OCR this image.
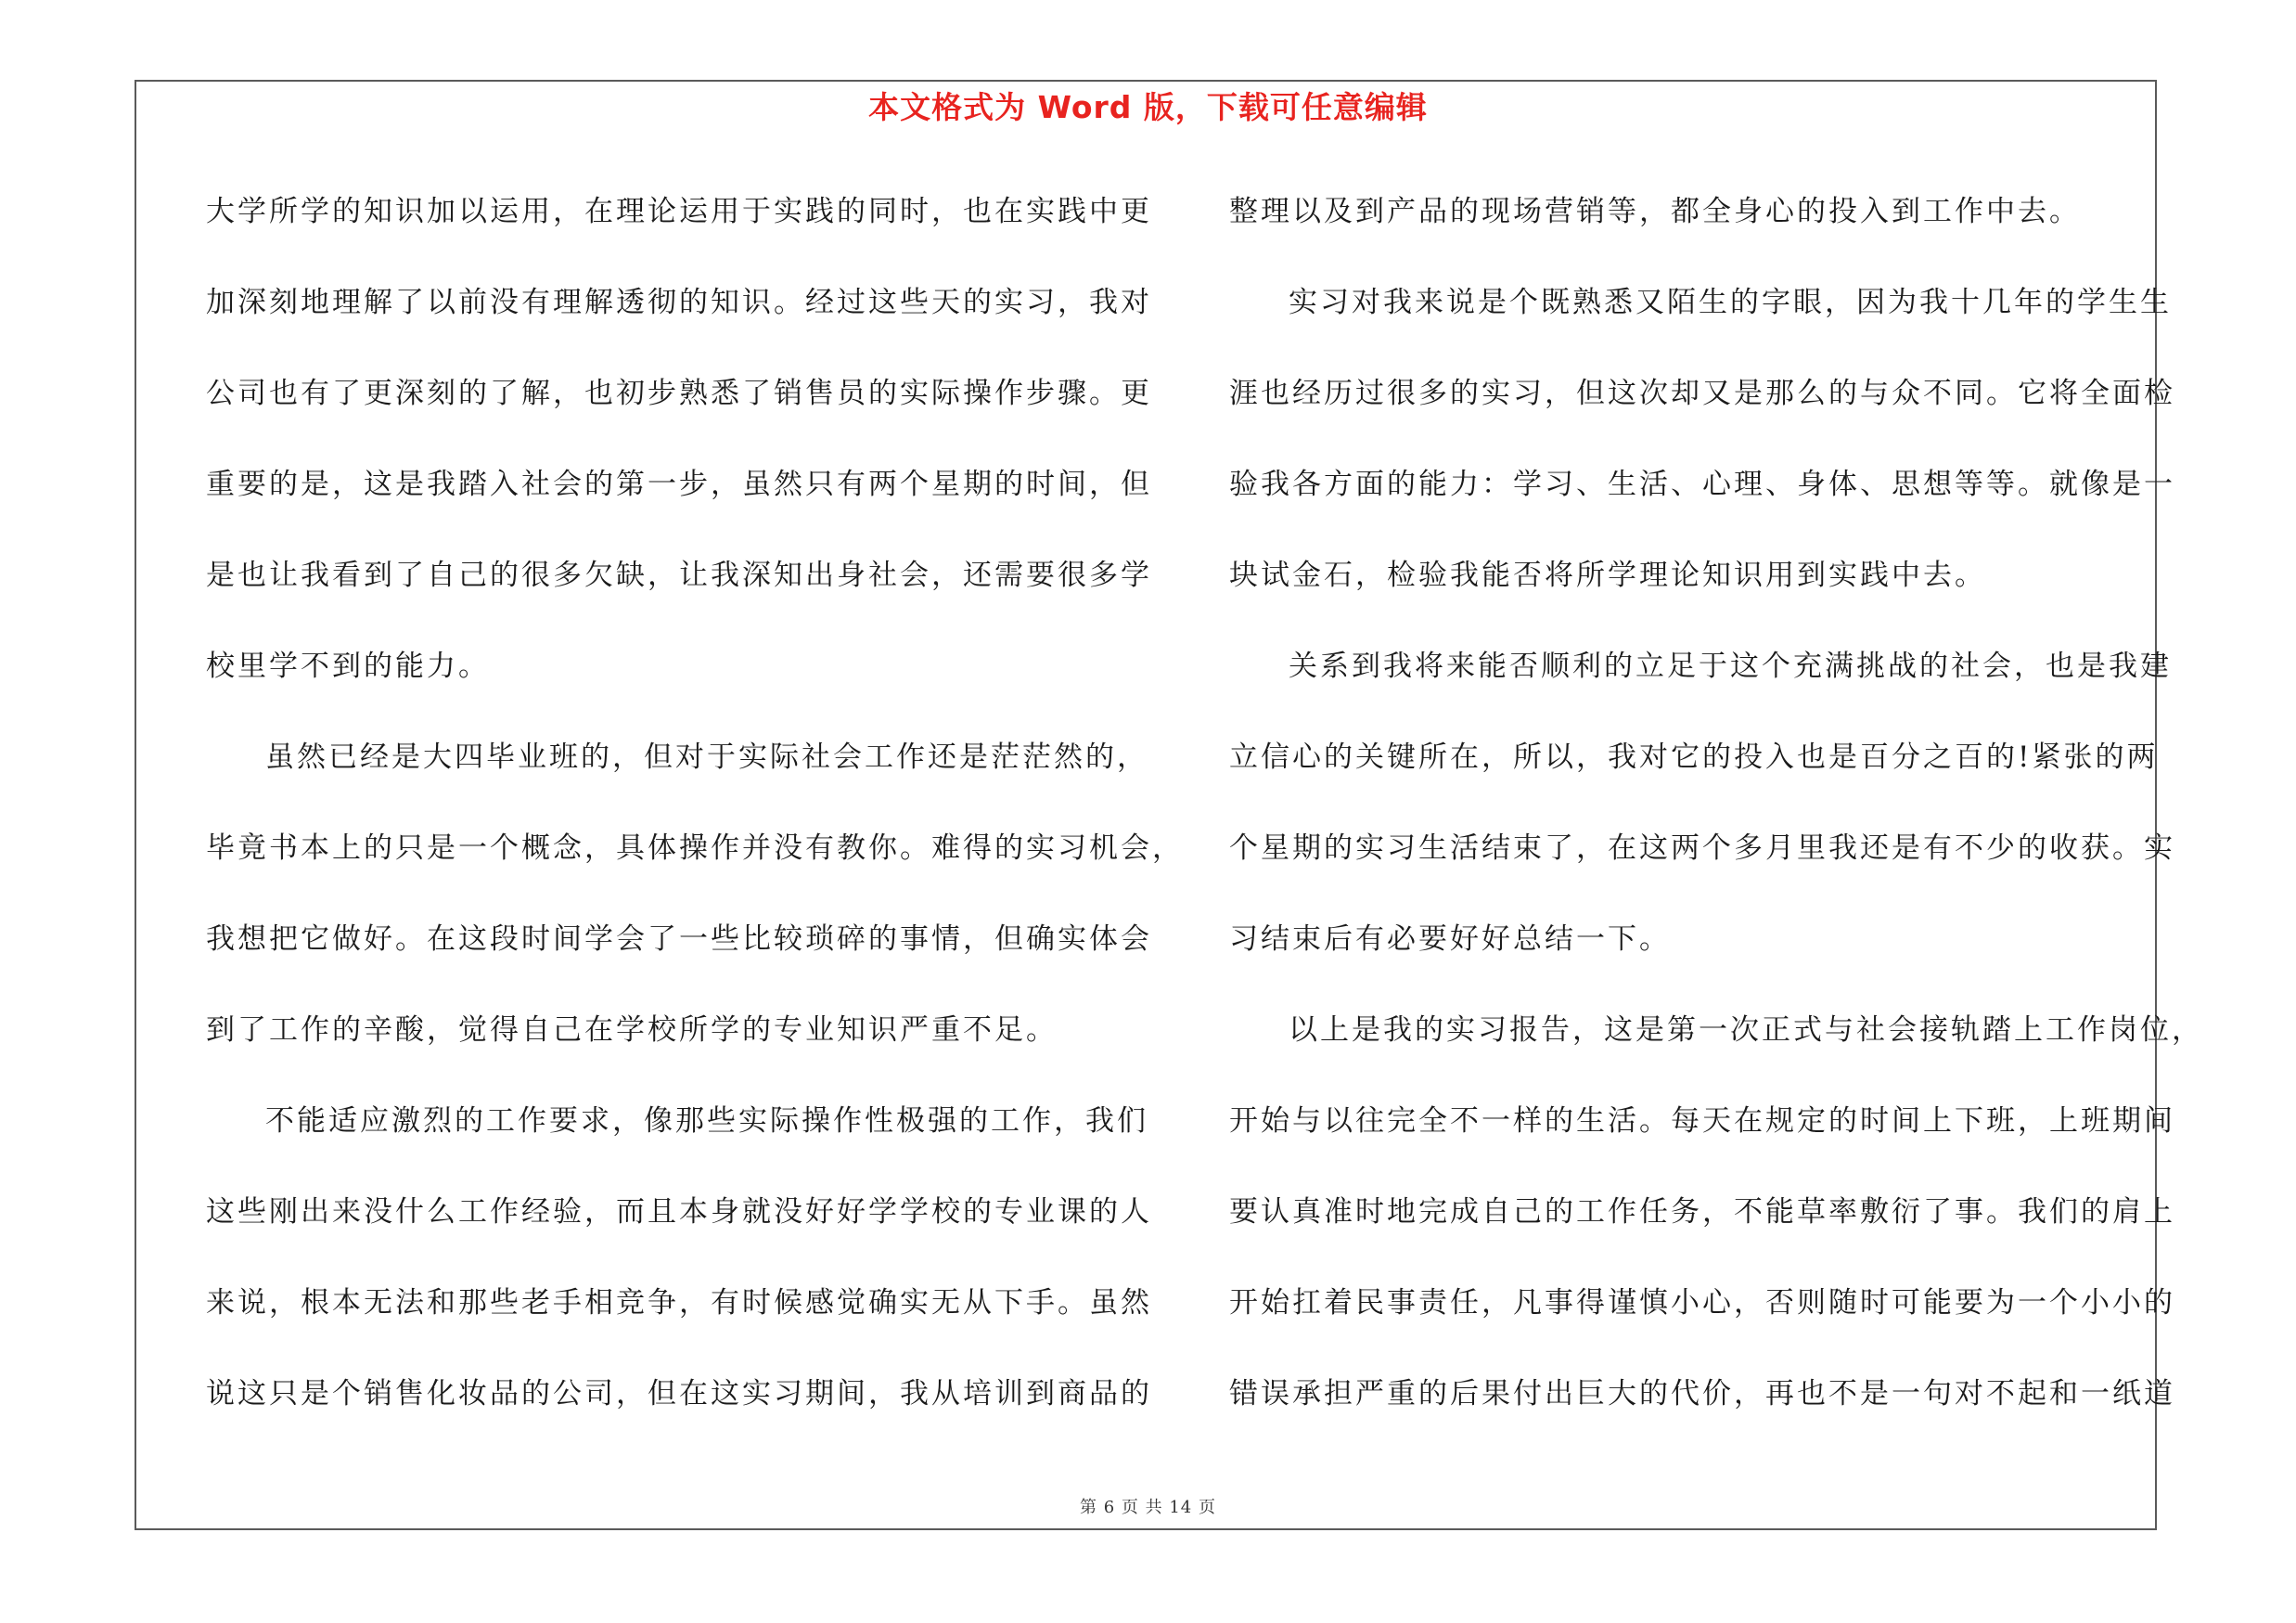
本文格式为 Word 版，下载可任意编辑
大学所学的知识加以运用，在理论运用于实践的同时，也在实践中更
加深刻地理解了以前没有理解透彻的知识。经过这些天的实习，我对
公司也有了更深刻的了解，也初步熟悉了销售员的实际操作步骤。更
重要的是，这是我踏入社会的第一步，虽然只有两个星期的时间，但
是也让我看到了自己的很多欠缺，让我深知出身社会，还需要很多学
校里学不到的能力。
虽然已经是大四毕业班的，但对于实际社会工作还是茫茫然的，
毕竟书本上的只是一个概念，具体操作并没有教你。难得的实习机会，
我想把它做好。在这段时间学会了一些比较琐碎的事情，但确实体会
到了工作的辛酸，觉得自己在学校所学的专业知识严重不足。
不能适应激烈的工作要求，像那些实际操作性极强的工作，我们
这些刚出来没什么工作经验，而且本身就没好好学学校的专业课的人
来说，根本无法和那些老手相竞争，有时候感觉确实无从下手。虽然
说这只是个销售化妆品的公司，但在这实习期间，我从培训到商品的
整理以及到产品的现场营销等，都全身心的投入到工作中去。
实习对我来说是个既熟悉又陌生的字眼，因为我十几年的学生生
涯也经历过很多的实习，但这次却又是那么的与众不同。它将全面检
验我各方面的能力：学习、生活、心理、身体、思想等等。就像是一
块试金石，检验我能否将所学理论知识用到实践中去。
关系到我将来能否顺利的立足于这个充满挑战的社会，也是我建
立信心的关键所在，所以，我对它的投入也是百分之百的!紧张的两
个星期的实习生活结束了，在这两个多月里我还是有不少的收获。实
习结束后有必要好好总结一下。
以上是我的实习报告，这是第一次正式与社会接轨踏上工作岗位，
开始与以往完全不一样的生活。每天在规定的时间上下班，上班期间
要认真准时地完成自己的工作任务，不能草率敷衍了事。我们的肩上
开始扛着民事责任，凡事得谨慎小心，否则随时可能要为一个小小的
错误承担严重的后果付出巨大的代价，再也不是一句对不起和一纸道
第 6 页 共 14 页
